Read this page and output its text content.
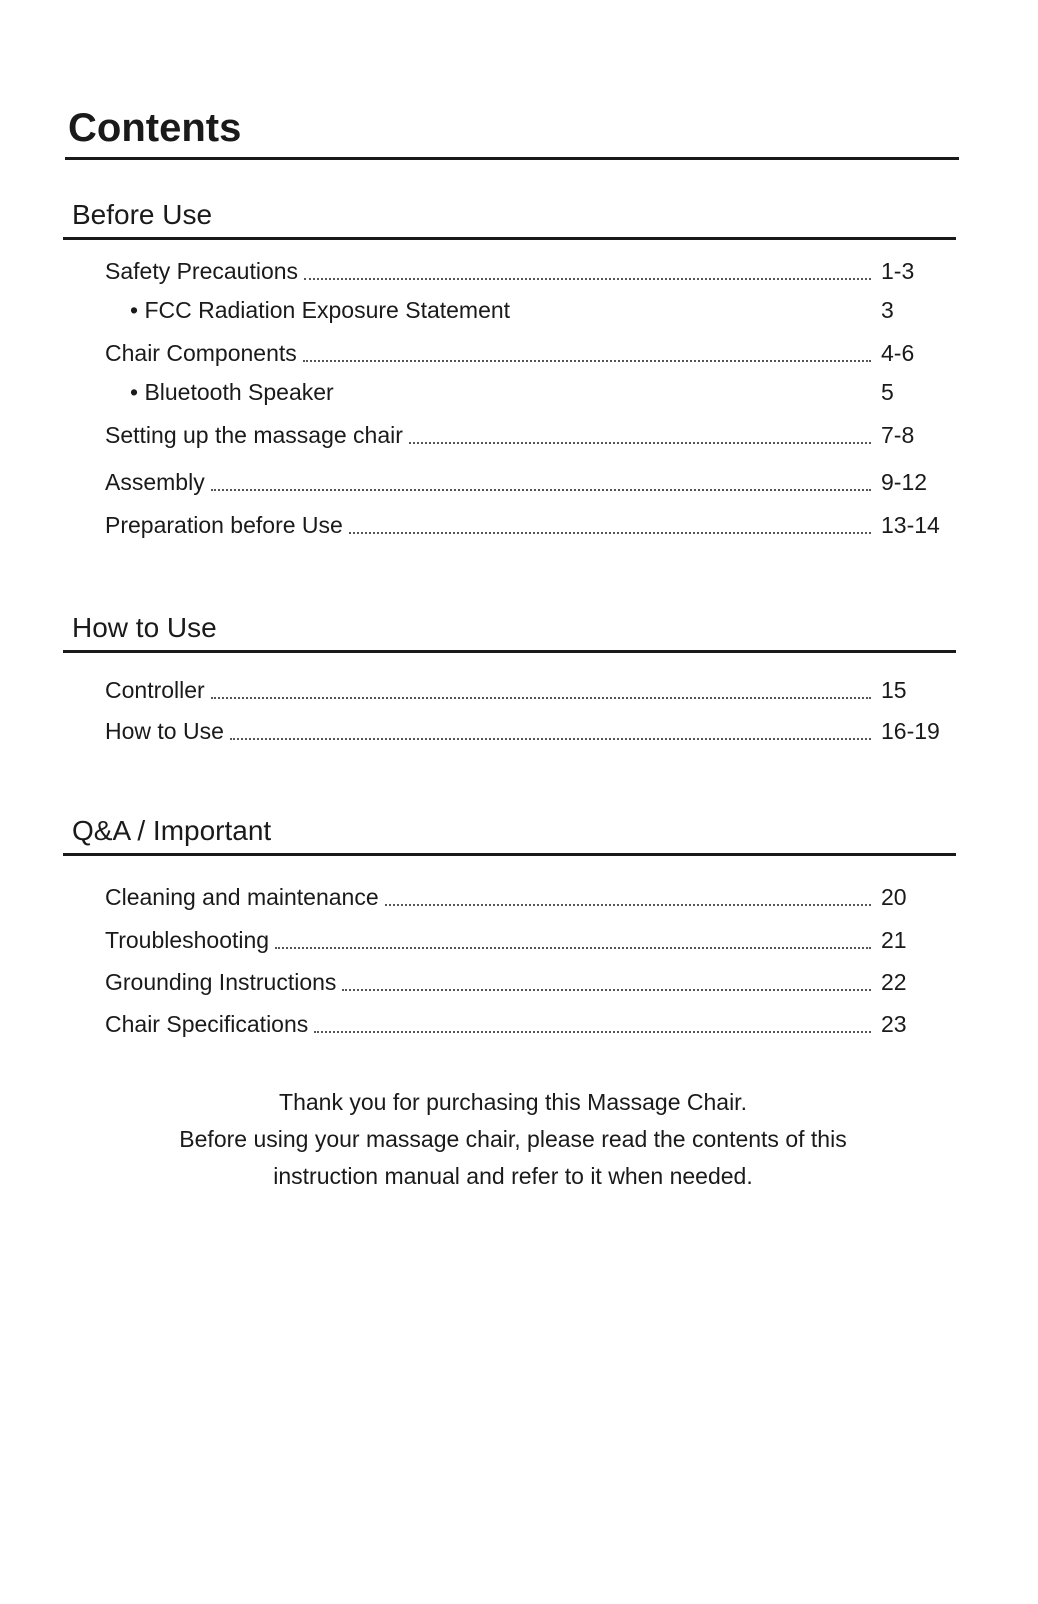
Contents
Before Use
Safety Precautions	1-3
• FCC Radiation Exposure Statement	3
Chair Components	4-6
• Bluetooth Speaker	5
Setting up the massage chair	7-8
Assembly	9-12
Preparation before Use	13-14
How to Use
Controller	15
How to Use	16-19
Q&A / Important
Cleaning and maintenance	20
Troubleshooting	21
Grounding Instructions	22
Chair Specifications	23
Thank you for purchasing this Massage Chair.
Before using your massage chair, please read the contents of this
instruction manual and refer to it when needed.
